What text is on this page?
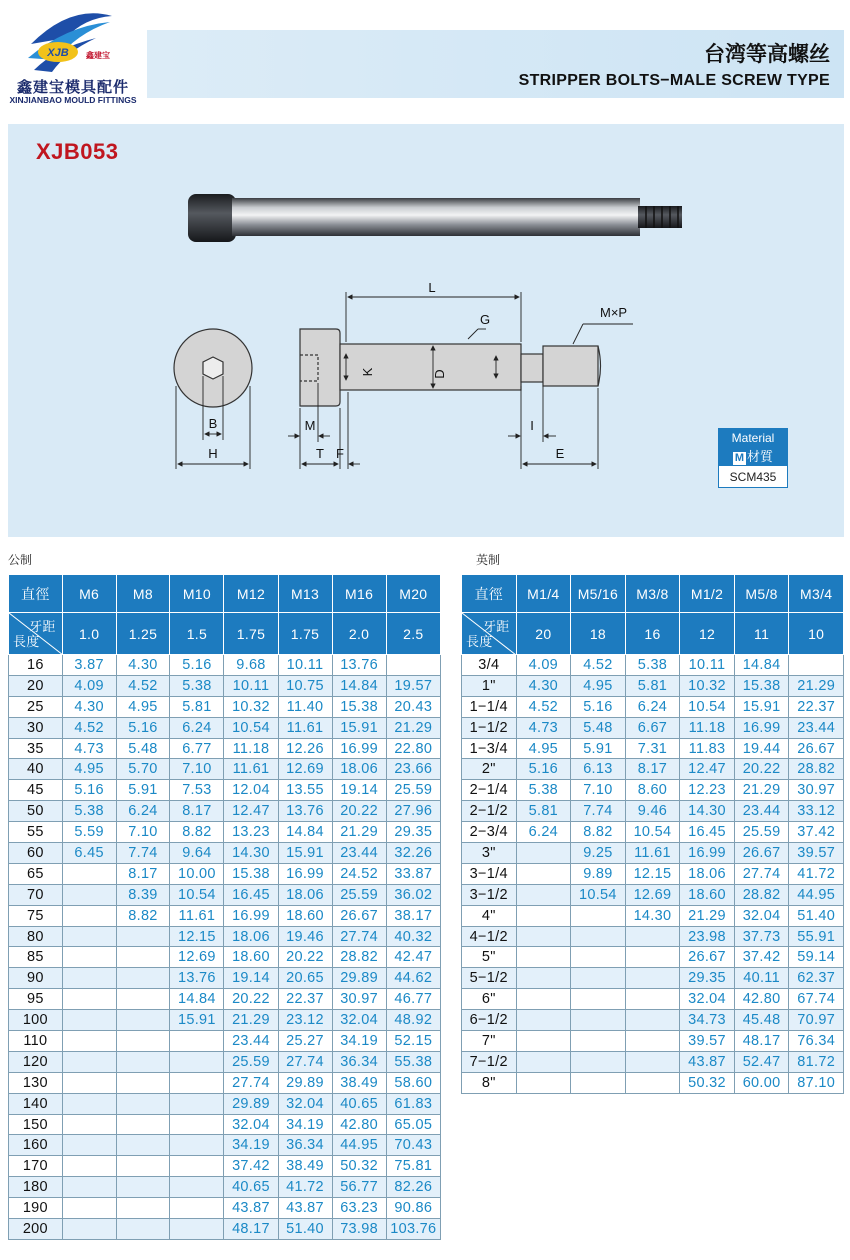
XJB 鑫建宝
鑫建宝模具配件
XINJIANBAO MOULD FITTINGS
台湾等高螺丝
STRIPPER BOLTS−MALE SCREW TYPE
XJB053
L
G	M×P
K	D
B
H
M
T F
I
E
Material
M 材質
SCM435
公制	英制
直徑	M6	M8	M10	M12	M13	M16	M20

牙距
長度	1.0	1.25	1.5	1.75	1.75	2.0	2.5
16	3.87	4.30	5.16	9.68	10.11	13.76	
20	4.09	4.52	5.38	10.11	10.75	14.84	19.57
25	4.30	4.95	5.81	10.32	11.40	15.38	20.43
30	4.52	5.16	6.24	10.54	11.61	15.91	21.29
35	4.73	5.48	6.77	11.18	12.26	16.99	22.80
40	4.95	5.70	7.10	11.61	12.69	18.06	23.66
45	5.16	5.91	7.53	12.04	13.55	19.14	25.59
50	5.38	6.24	8.17	12.47	13.76	20.22	27.96
55	5.59	7.10	8.82	13.23	14.84	21.29	29.35
60	6.45	7.74	9.64	14.30	15.91	23.44	32.26
65		8.17	10.00	15.38	16.99	24.52	33.87
70		8.39	10.54	16.45	18.06	25.59	36.02
75		8.82	11.61	16.99	18.60	26.67	38.17
80			12.15	18.06	19.46	27.74	40.32
85			12.69	18.60	20.22	28.82	42.47
90			13.76	19.14	20.65	29.89	44.62
95			14.84	20.22	22.37	30.97	46.77
100			15.91	21.29	23.12	32.04	48.92
110				23.44	25.27	34.19	52.15
120				25.59	27.74	36.34	55.38
130				27.74	29.89	38.49	58.60
140				29.89	32.04	40.65	61.83
150				32.04	34.19	42.80	65.05
160				34.19	36.34	44.95	70.43
170				37.42	38.49	50.32	75.81
180				40.65	41.72	56.77	82.26
190				43.87	43.87	63.23	90.86
200				48.17	51.40	73.98	103.76
直徑	M1/4	M5/16	M3/8	M1/2	M5/8	M3/4

牙距
長度	20	18	16	12	11	10
3/4	4.09	4.52	5.38	10.11	14.84	
1"	4.30	4.95	5.81	10.32	15.38	21.29
1−1/4	4.52	5.16	6.24	10.54	15.91	22.37
1−1/2	4.73	5.48	6.67	11.18	16.99	23.44
1−3/4	4.95	5.91	7.31	11.83	19.44	26.67
2"	5.16	6.13	8.17	12.47	20.22	28.82
2−1/4	5.38	7.10	8.60	12.23	21.29	30.97
2−1/2	5.81	7.74	9.46	14.30	23.44	33.12
2−3/4	6.24	8.82	10.54	16.45	25.59	37.42
3"		9.25	11.61	16.99	26.67	39.57
3−1/4		9.89	12.15	18.06	27.74	41.72
3−1/2		10.54	12.69	18.60	28.82	44.95
4"			14.30	21.29	32.04	51.40
4−1/2				23.98	37.73	55.91
5"				26.67	37.42	59.14
5−1/2				29.35	40.11	62.37
6"				32.04	42.80	67.74
6−1/2				34.73	45.48	70.97
7"				39.57	48.17	76.34
7−1/2				43.87	52.47	81.72
8"				50.32	60.00	87.10
